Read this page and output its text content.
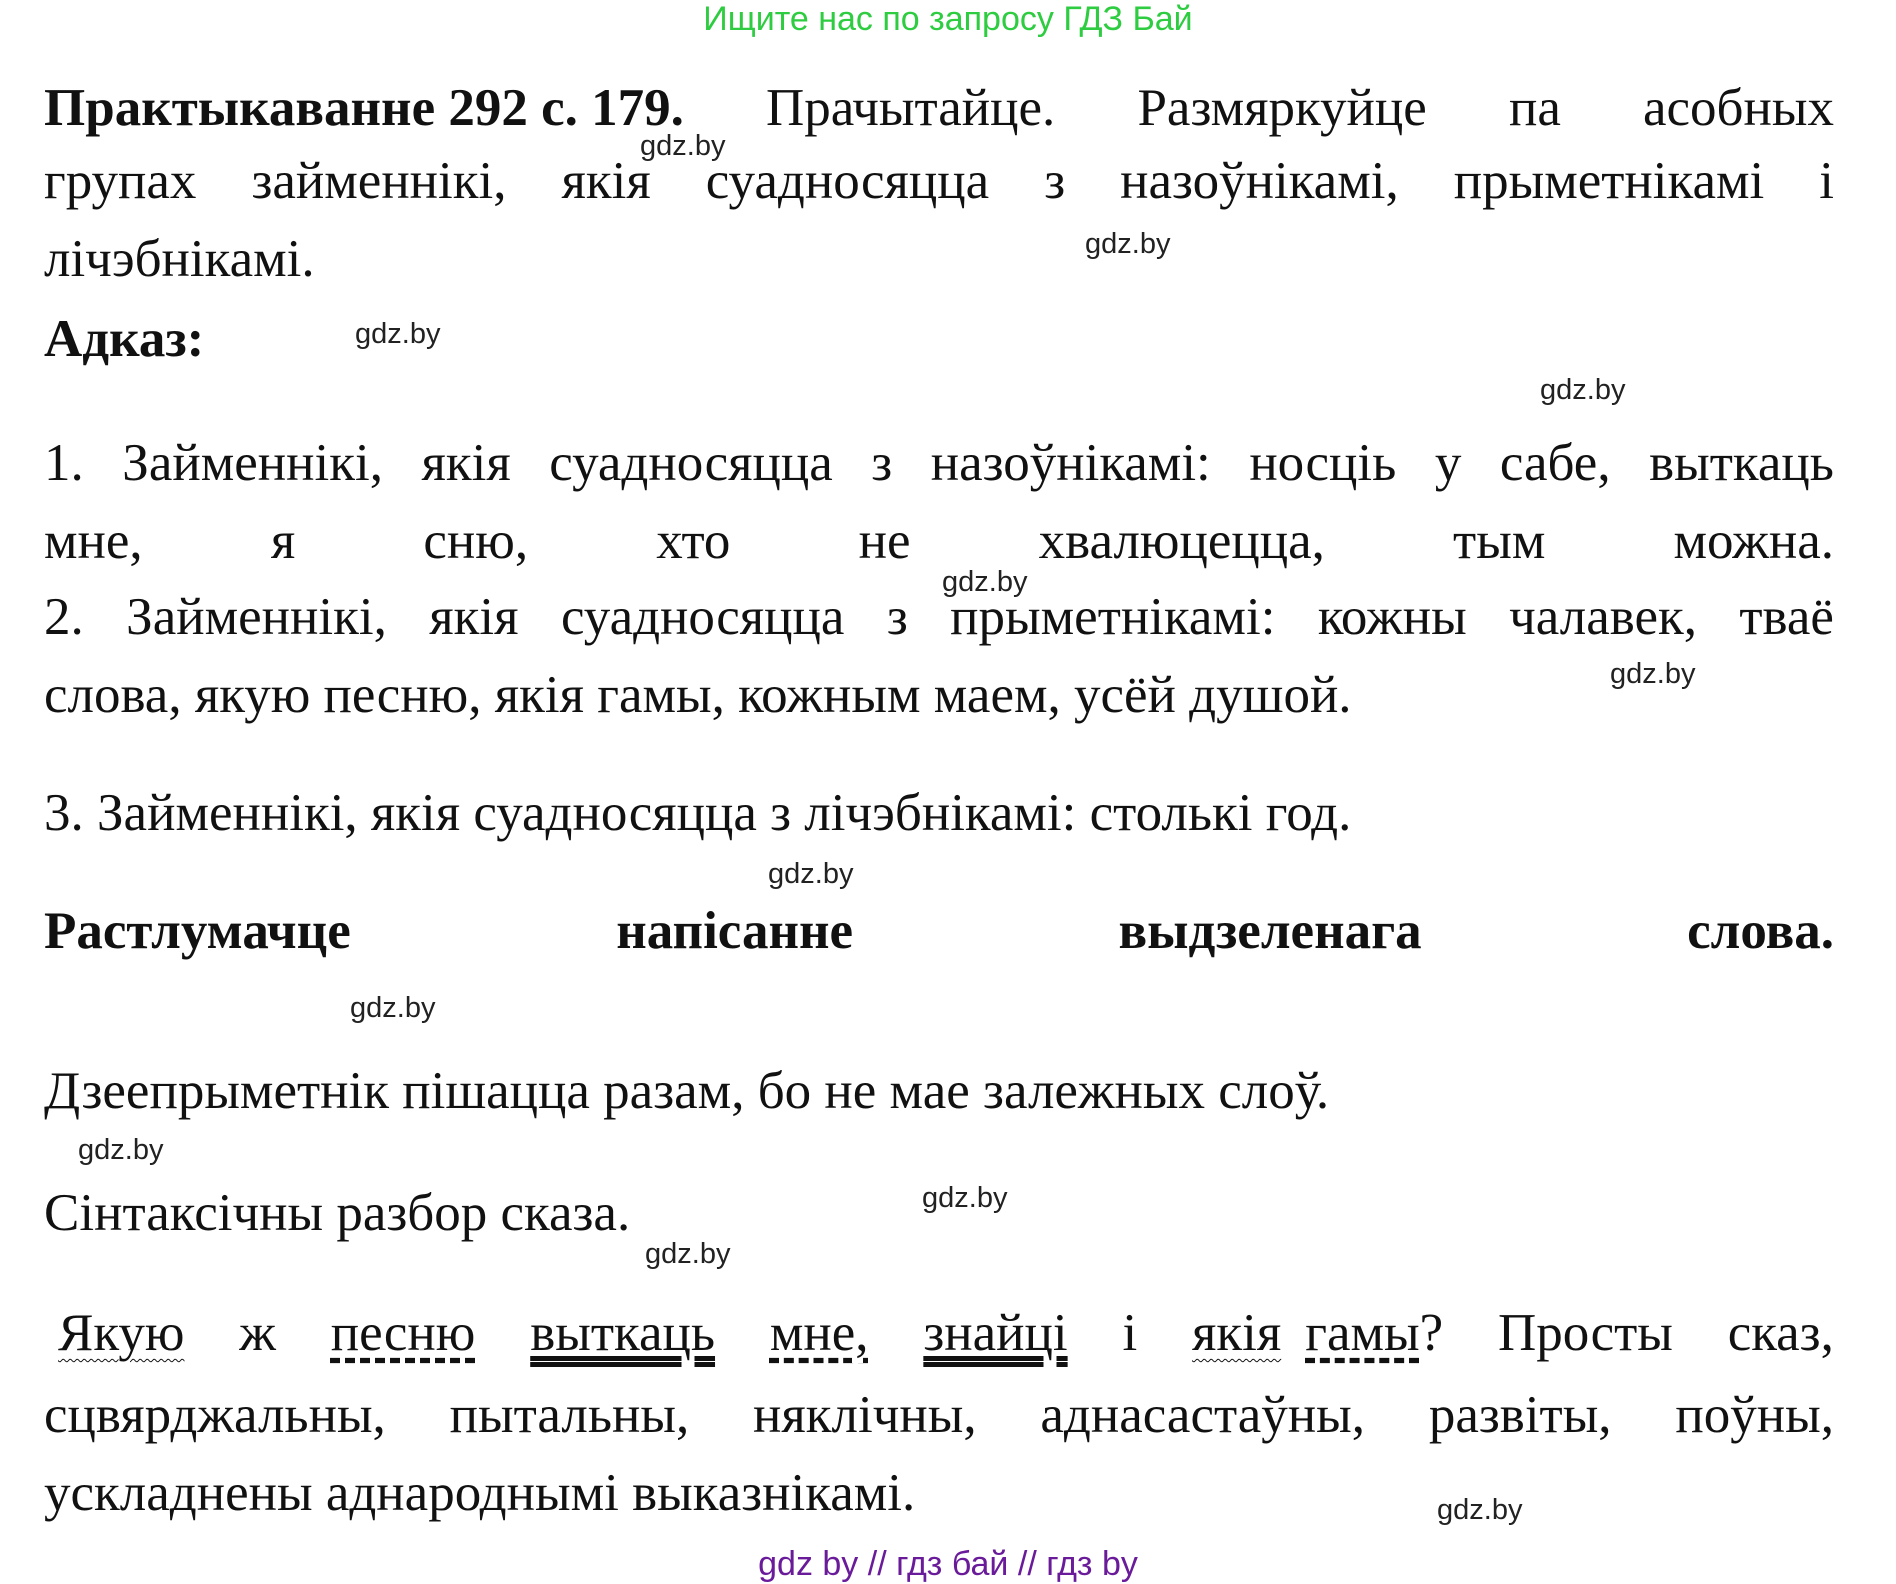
Ищите нас по запросу ГДЗ Бай
Практыкаванне 292 с. 179. Прачытайце. Размяркуйце па асобных
групах займеннікі, якія суадносяцца з назоўнікамі, прыметнікамі і
лічэбнікамі.
Адказ:
1. Займеннікі, якія суадносяцца з назоўнікамі: носціь у сабе, выткаць
мне, я сню, хто не хвалюцецца, тым можна.
2. Займеннікі, якія суадносяцца з прыметнікамі: кожны чалавек, тваё
слова, якую песню, якія гамы, кожным маем, усёй душой.
3. Займеннікі, якія суадносяцца з лічэбнікамі: столькі год.
Растлумачце	напісанне	выдзеленага	слова.
Дзеепрыметнік пішацца разам, бо не мае залежных слоў.
Сінтаксічны разбор сказа.
Якую ж песню выткаць мне, знайці і якія гамы? Просты сказ,
сцвярджальны, пытальны, няклічны, аднасастаўны, развіты, поўны,
ускладнены аднароднымі выказнікамі.
gdz.by
gdz.by
gdz.by
gdz.by
gdz.by
gdz.by
gdz.by
gdz.by
gdz.by
gdz.by
gdz.by
gdz.by
gdz by // гдз бай // гдз by
